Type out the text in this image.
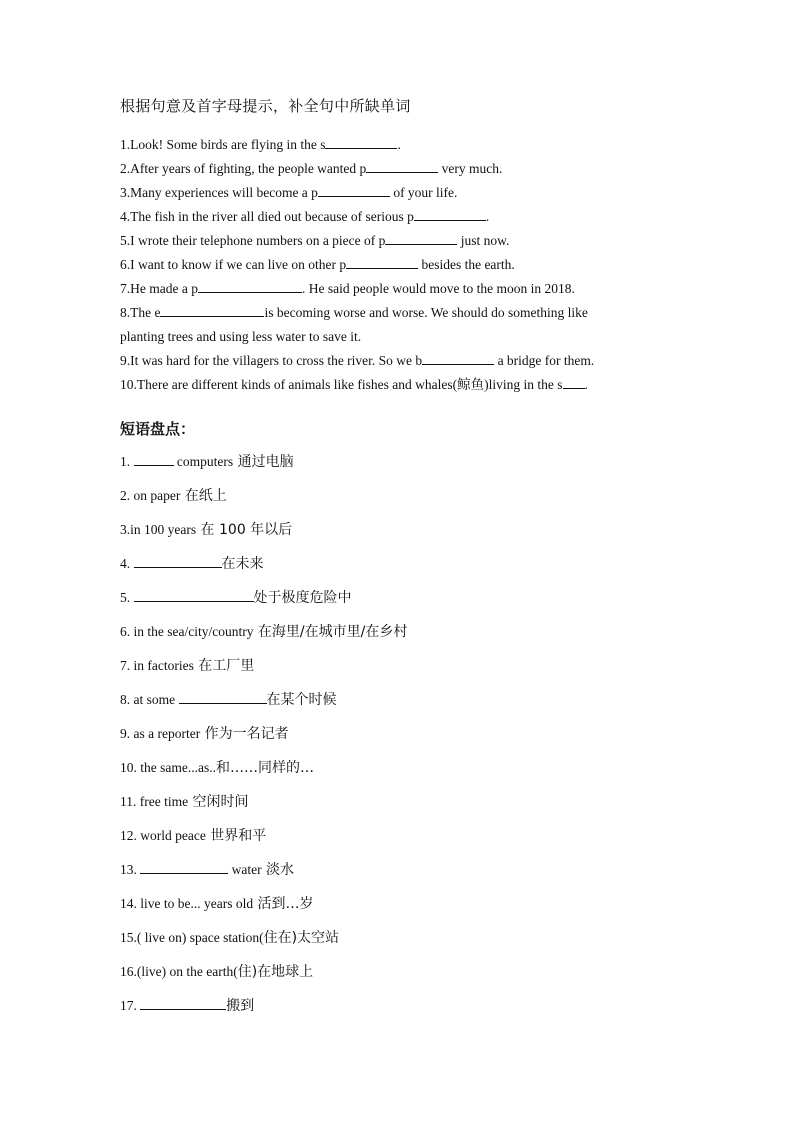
根据句意及首字母提示，补全句中所缺单词
1.Look! Some birds are flying in the s	.
2.After years of fighting, the people wanted p	very much.
3.Many experiences will become a p	of your life.
4.The fish in the river all died out because of serious p	.
5.I wrote their telephone numbers on a piece of p	just now.
6.I want to know if we can live on other p	besides the earth.
7.He made a p	. He said people would move to the moon in 2018.
8.The e	is becoming worse and worse. We should do something like
planting trees and using less water to save it.
9.It was hard for the villagers to cross the river. So we b	a bridge for them.
10.There are different kinds of animals like fishes and whales(鲸鱼)living in the s .
短语盘点：
1.	computers 通过电脑
2. on paper 在纸上
3.in 100 years 在 100 年以后
4.	在未来
5.	处于极度危险中
6. in the sea/city/country 在海里/在城市里/在乡村
7. in factories 在工厂里
8. at some	在某个时候
9. as a reporter 作为一名记者
10. the same...as..和……同样的…
11. free time 空闲时间
12. world peace 世界和平
13.	water 淡水
14. live to be... years old 活到…岁
15.( live on) space station(住在)太空站
16.(live) on the earth(住)在地球上
17.	搬到
